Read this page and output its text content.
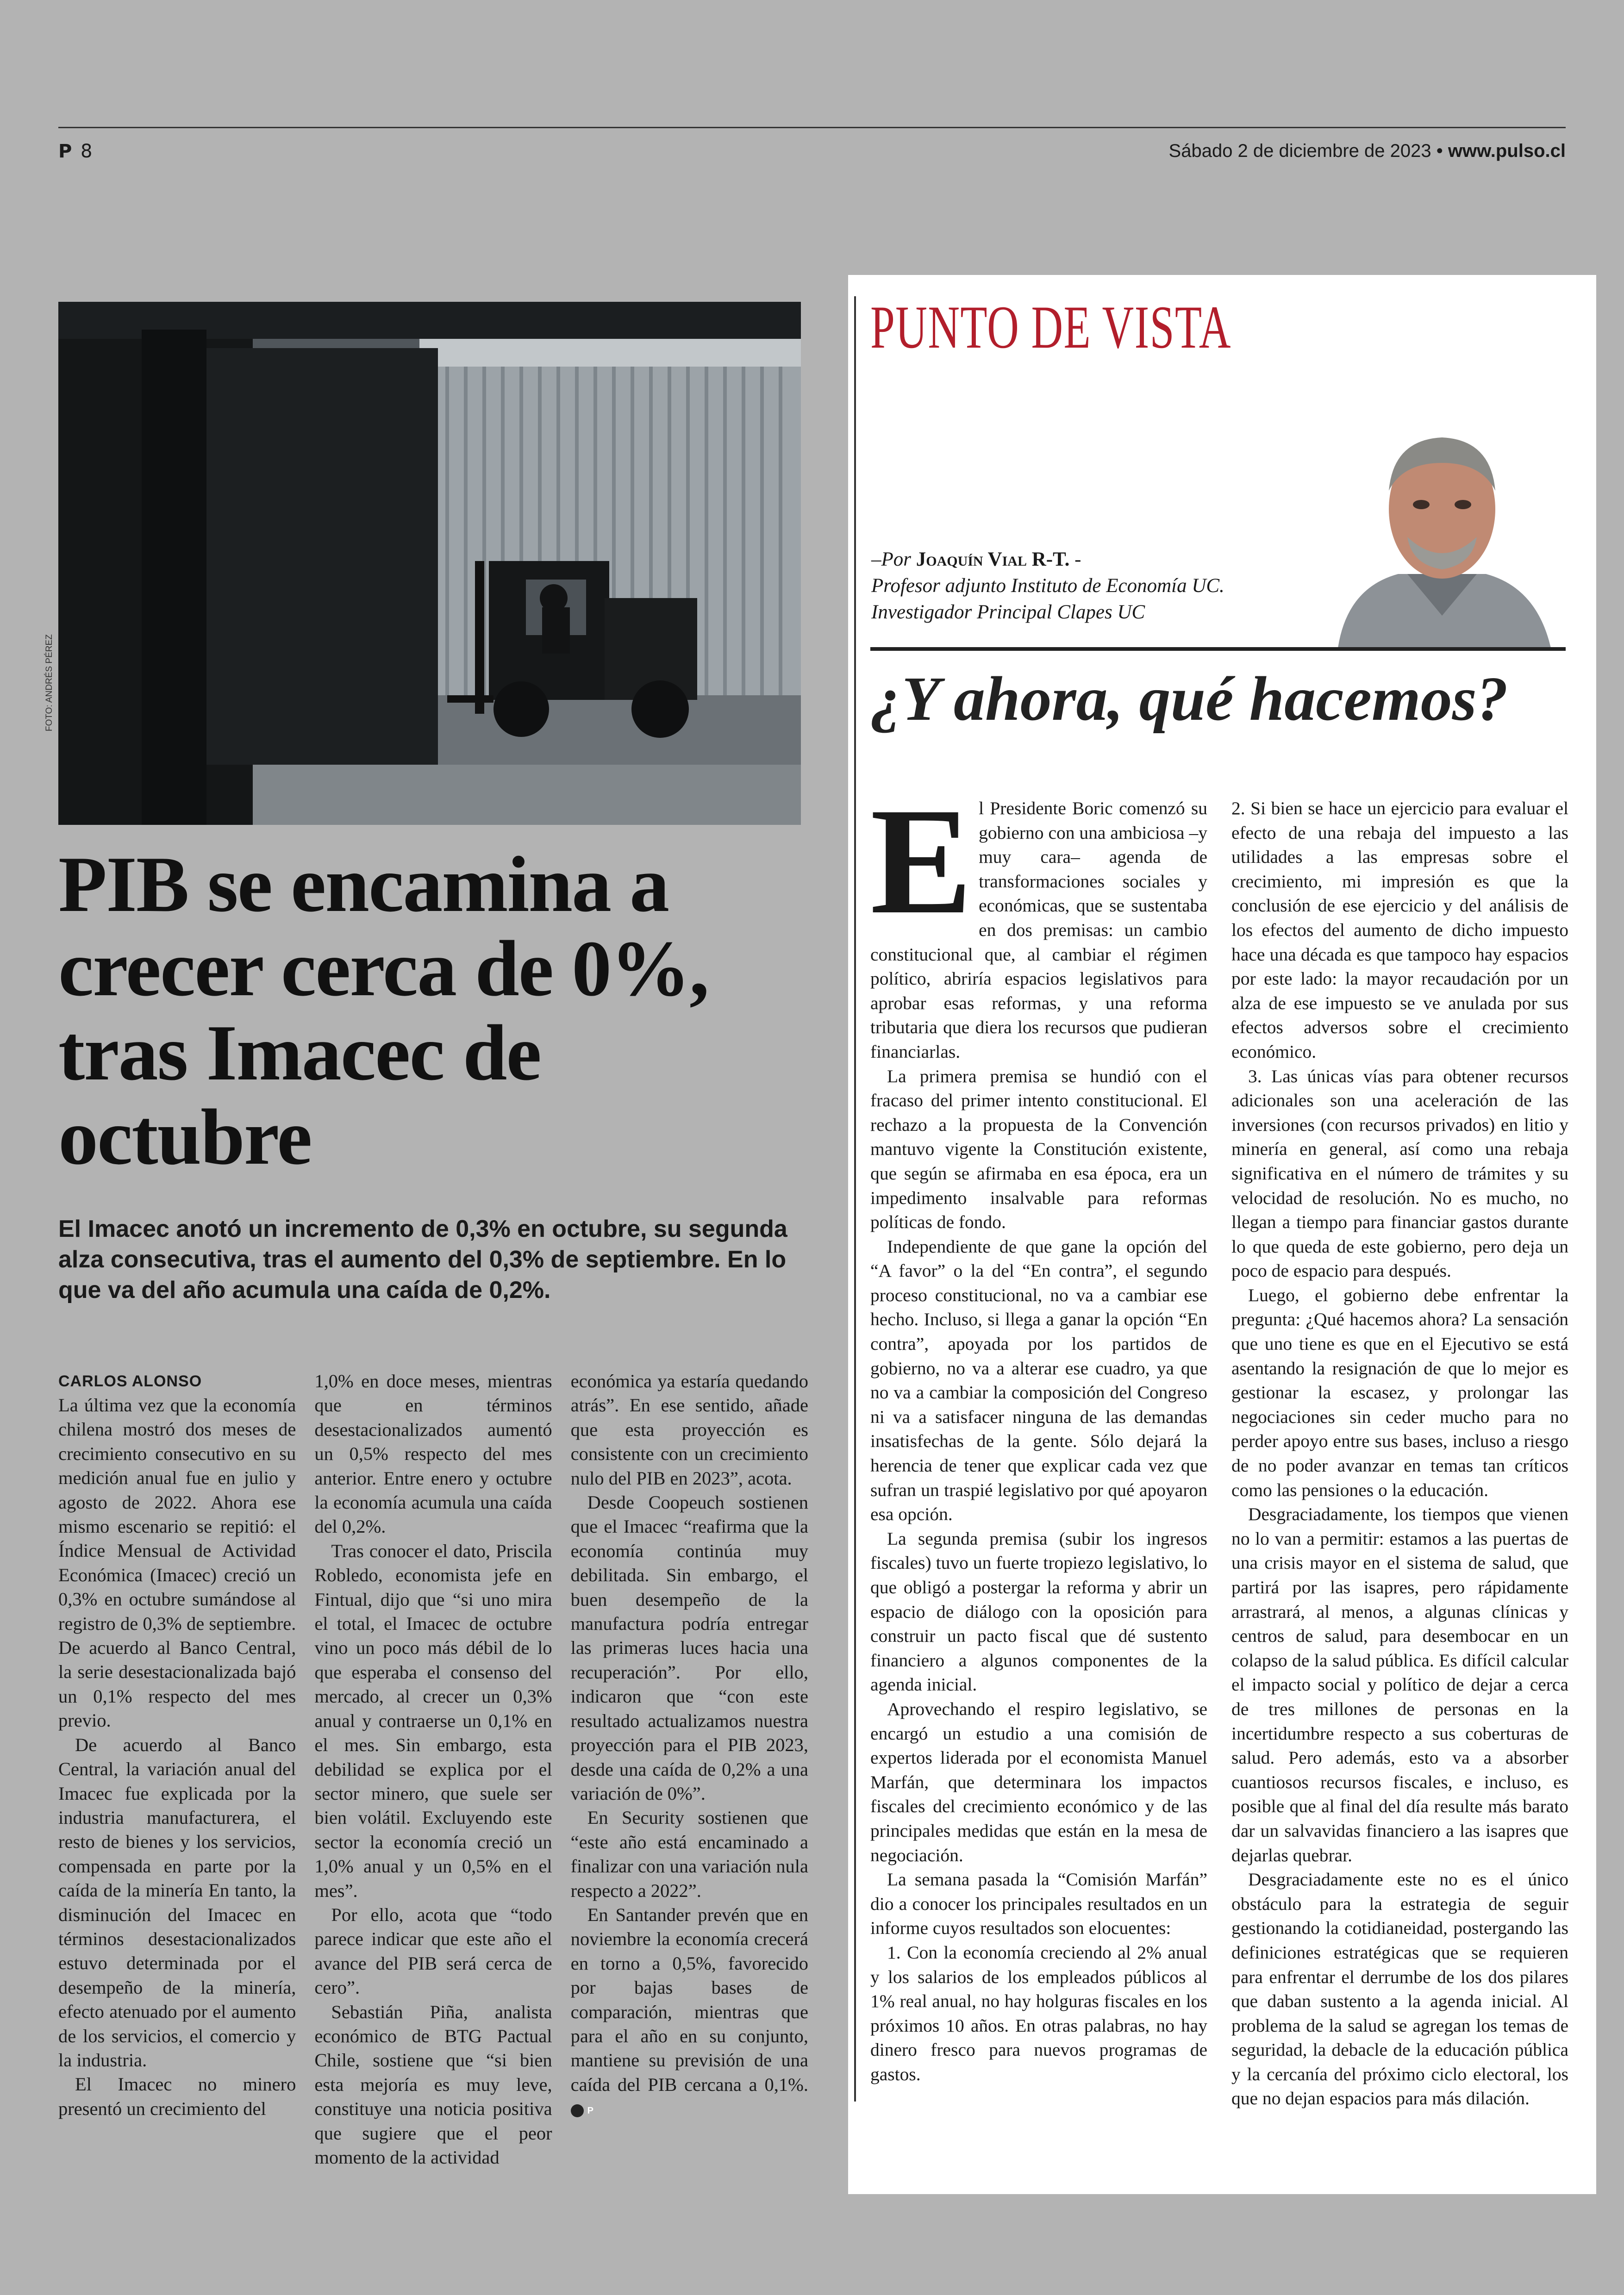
P 8	Sábado 2 de diciembre de 2023 • www.pulso.cl
FOTO: ANDRÉS PÉREZ
PIB se encamina a crecer cerca de 0%, tras Imacec de octubre

El Imacec anotó un incremento de 0,3% en octubre, su segunda alza consecutiva, tras el aumento del 0,3% de septiembre. En lo que va del año acumula una caída de 0,2%.

CARLOS ALONSO

La última vez que la economía chilena mostró dos meses de crecimiento consecutivo en su medición anual fue en julio y agosto de 2022. Ahora ese mismo escenario se repitió: el Índice Mensual de Actividad Económica (Imacec) creció un 0,3% en octubre sumándose al registro de 0,3% de septiembre. De acuerdo al Banco Central, la serie desestacionalizada bajó un 0,1% respecto del mes previo.

De acuerdo al Banco Central, la variación anual del Imacec fue explicada por la industria manufacturera, el resto de bienes y los servicios, compensada en parte por la caída de la minería En tanto, la disminución del Imacec en términos desestacionalizados estuvo determinada por el desempeño de la minería, efecto atenuado por el aumento de los servicios, el comercio y la industria.

El Imacec no minero presentó un crecimiento del

1,0% en doce meses, mientras que en términos desestacionalizados aumentó un 0,5% respecto del mes anterior. Entre enero y octubre la economía acumula una caída del 0,2%.

Tras conocer el dato, Priscila Robledo, economista jefe en Fintual, dijo que “si uno mira el total, el Imacec de octubre vino un poco más débil de lo que esperaba el consenso del mercado, al crecer un 0,3% anual y contraerse un 0,1% en el mes. Sin embargo, esta debilidad se explica por el sector minero, que suele ser bien volátil. Excluyendo este sector la economía creció un 1,0% anual y un 0,5% en el mes”.

Por ello, acota que “todo parece indicar que este año el avance del PIB será cerca de cero”.

Sebastián Piña, analista económico de BTG Pactual Chile, sostiene que “si bien esta mejoría es muy leve, constituye una noticia positiva que sugiere que el peor momento de la actividad

económica ya estaría quedando atrás”. En ese sentido, añade que esta proyección es consistente con un crecimiento nulo del PIB en 2023”, acota.

Desde Coopeuch sostienen que el Imacec “reafirma que la economía continúa muy debilitada. Sin embargo, el buen desempeño de la manufactura podría entregar las primeras luces hacia una recuperación”. Por ello, indicaron que “con este resultado actualizamos nuestra proyección para el PIB 2023, desde una caída de 0,2% a una variación de 0%”.

En Security sostienen que “este año está encaminado a finalizar con una variación nula respecto a 2022”.

En Santander prevén que en noviembre la economía crecerá en torno a 0,5%, favorecido por bajas bases de comparación, mientras que para el año en su conjunto, mantiene su previsión de una caída del PIB cercana a 0,1%. P

PUNTO DE VISTA
–Por Joaquín Vial R-T. -
Profesor adjunto Instituto de Economía UC.
Investigador Principal Clapes UC
¿Y ahora, qué hacemos?

El Presidente Boric comenzó su gobierno con una ambiciosa –y muy cara– agenda de transformaciones sociales y económicas, que se sustentaba en dos premisas: un cambio constitucional que, al cambiar el régimen político, abriría espacios legislativos para aprobar esas reformas, y una reforma tributaria que diera los recursos que pudieran financiarlas.

La primera premisa se hundió con el fracaso del primer intento constitucional. El rechazo a la propuesta de la Convención mantuvo vigente la Constitución existente, que según se afirmaba en esa época, era un impedimento insalvable para reformas políticas de fondo.

Independiente de que gane la opción del “A favor” o la del “En contra”, el segundo proceso constitucional, no va a cambiar ese hecho. Incluso, si llega a ganar la opción “En contra”, apoyada por los partidos de gobierno, no va a alterar ese cuadro, ya que no va a cambiar la composición del Congreso ni va a satisfacer ninguna de las demandas insatisfechas de la gente. Sólo dejará la herencia de tener que explicar cada vez que sufran un traspié legislativo por qué apoyaron esa opción.

La segunda premisa (subir los ingresos fiscales) tuvo un fuerte tropiezo legislativo, lo que obligó a postergar la reforma y abrir un espacio de diálogo con la oposición para construir un pacto fiscal que dé sustento financiero a algunos componentes de la agenda inicial.

Aprovechando el respiro legislativo, se encargó un estudio a una comisión de expertos liderada por el economista Manuel Marfán, que determinara los impactos fiscales del crecimiento económico y de las principales medidas que están en la mesa de negociación.

La semana pasada la “Comisión Marfán” dio a conocer los principales resultados en un informe cuyos resultados son elocuentes:

1. Con la economía creciendo al 2% anual y los salarios de los empleados públicos al 1% real anual, no hay holguras fiscales en los próximos 10 años. En otras palabras, no hay dinero fresco para nuevos programas de gastos.

2. Si bien se hace un ejercicio para evaluar el efecto de una rebaja del impuesto a las utilidades a las empresas sobre el crecimiento, mi impresión es que la conclusión de ese ejercicio y del análisis de los efectos del aumento de dicho impuesto hace una década es que tampoco hay espacios por este lado: la mayor recaudación por un alza de ese impuesto se ve anulada por sus efectos adversos sobre el crecimiento económico.

3. Las únicas vías para obtener recursos adicionales son una aceleración de las inversiones (con recursos privados) en litio y minería en general, así como una rebaja significativa en el número de trámites y su velocidad de resolución. No es mucho, no llegan a tiempo para financiar gastos durante lo que queda de este gobierno, pero deja un poco de espacio para después.

Luego, el gobierno debe enfrentar la pregunta: ¿Qué hacemos ahora? La sensación que uno tiene es que en el Ejecutivo se está asentando la resignación de que lo mejor es gestionar la escasez, y prolongar las negociaciones sin ceder mucho para no perder apoyo entre sus bases, incluso a riesgo de no poder avanzar en temas tan críticos como las pensiones o la educación.

Desgraciadamente, los tiempos que vienen no lo van a permitir: estamos a las puertas de una crisis mayor en el sistema de salud, que partirá por las isapres, pero rápidamente arrastrará, al menos, a algunas clínicas y centros de salud, para desembocar en un colapso de la salud pública. Es difícil calcular el impacto social y político de dejar a cerca de tres millones de personas en la incertidumbre respecto a sus coberturas de salud. Pero además, esto va a absorber cuantiosos recursos fiscales, e incluso, es posible que al final del día resulte más barato dar un salvavidas financiero a las isapres que dejarlas quebrar.

Desgraciadamente este no es el único obstáculo para la estrategia de seguir gestionando la cotidianeidad, postergando las definiciones estratégicas que se requieren para enfrentar el derrumbe de los dos pilares que daban sustento a la agenda inicial. Al problema de la salud se agregan los temas de seguridad, la debacle de la educación pública y la cercanía del próximo ciclo electoral, los que no dejan espacios para más dilación.
